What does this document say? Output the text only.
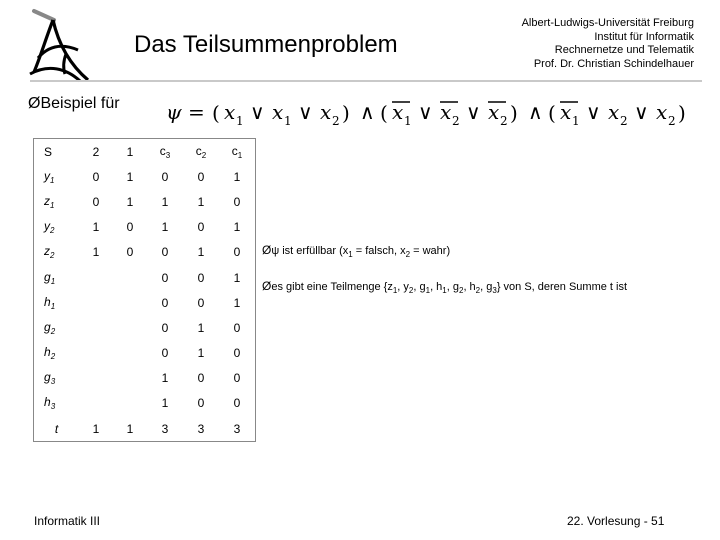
Das Teilsummenproblem
Albert-Ludwigs-Universität Freiburg
Institut für Informatik
Rechnernetze und Telematik
Prof. Dr. Christian Schindelhauer
ØBeispiel für ψ = ( x 1 ∨ x 1 ∨ x 2 ) ∧ ( x 1 ∨ x 2 ∨ x 2 ) ∧ ( x 1 ∨ x 2 ∨ x 2 )
S	2	1	$c_3$	$c_2$	$c_1$
$y_1$	0	1	0	0	1
$z_1$	0	1	1	1	0
$y_2$	1	0	1	0	1
$z_2$	1	0	0	1	0
$g_1$			0	0	1
$h_1$			0	0	1
$g_2$			0	1	0
$h_2$			0	1	0
$g_3$			1	0	0
$h_3$			1	0	0
t	1	1	3	3	3
Øψ ist erfüllbar ($x_1$ = falsch, $x_2$ = wahr)
Øes gibt eine Teilmenge {$z_1$, $y_2$, $g_1$, $h_1$, $g_2$, $h_2$, $g_3$} von S, deren Summe t ist
Informatik III	22. Vorlesung - 51
